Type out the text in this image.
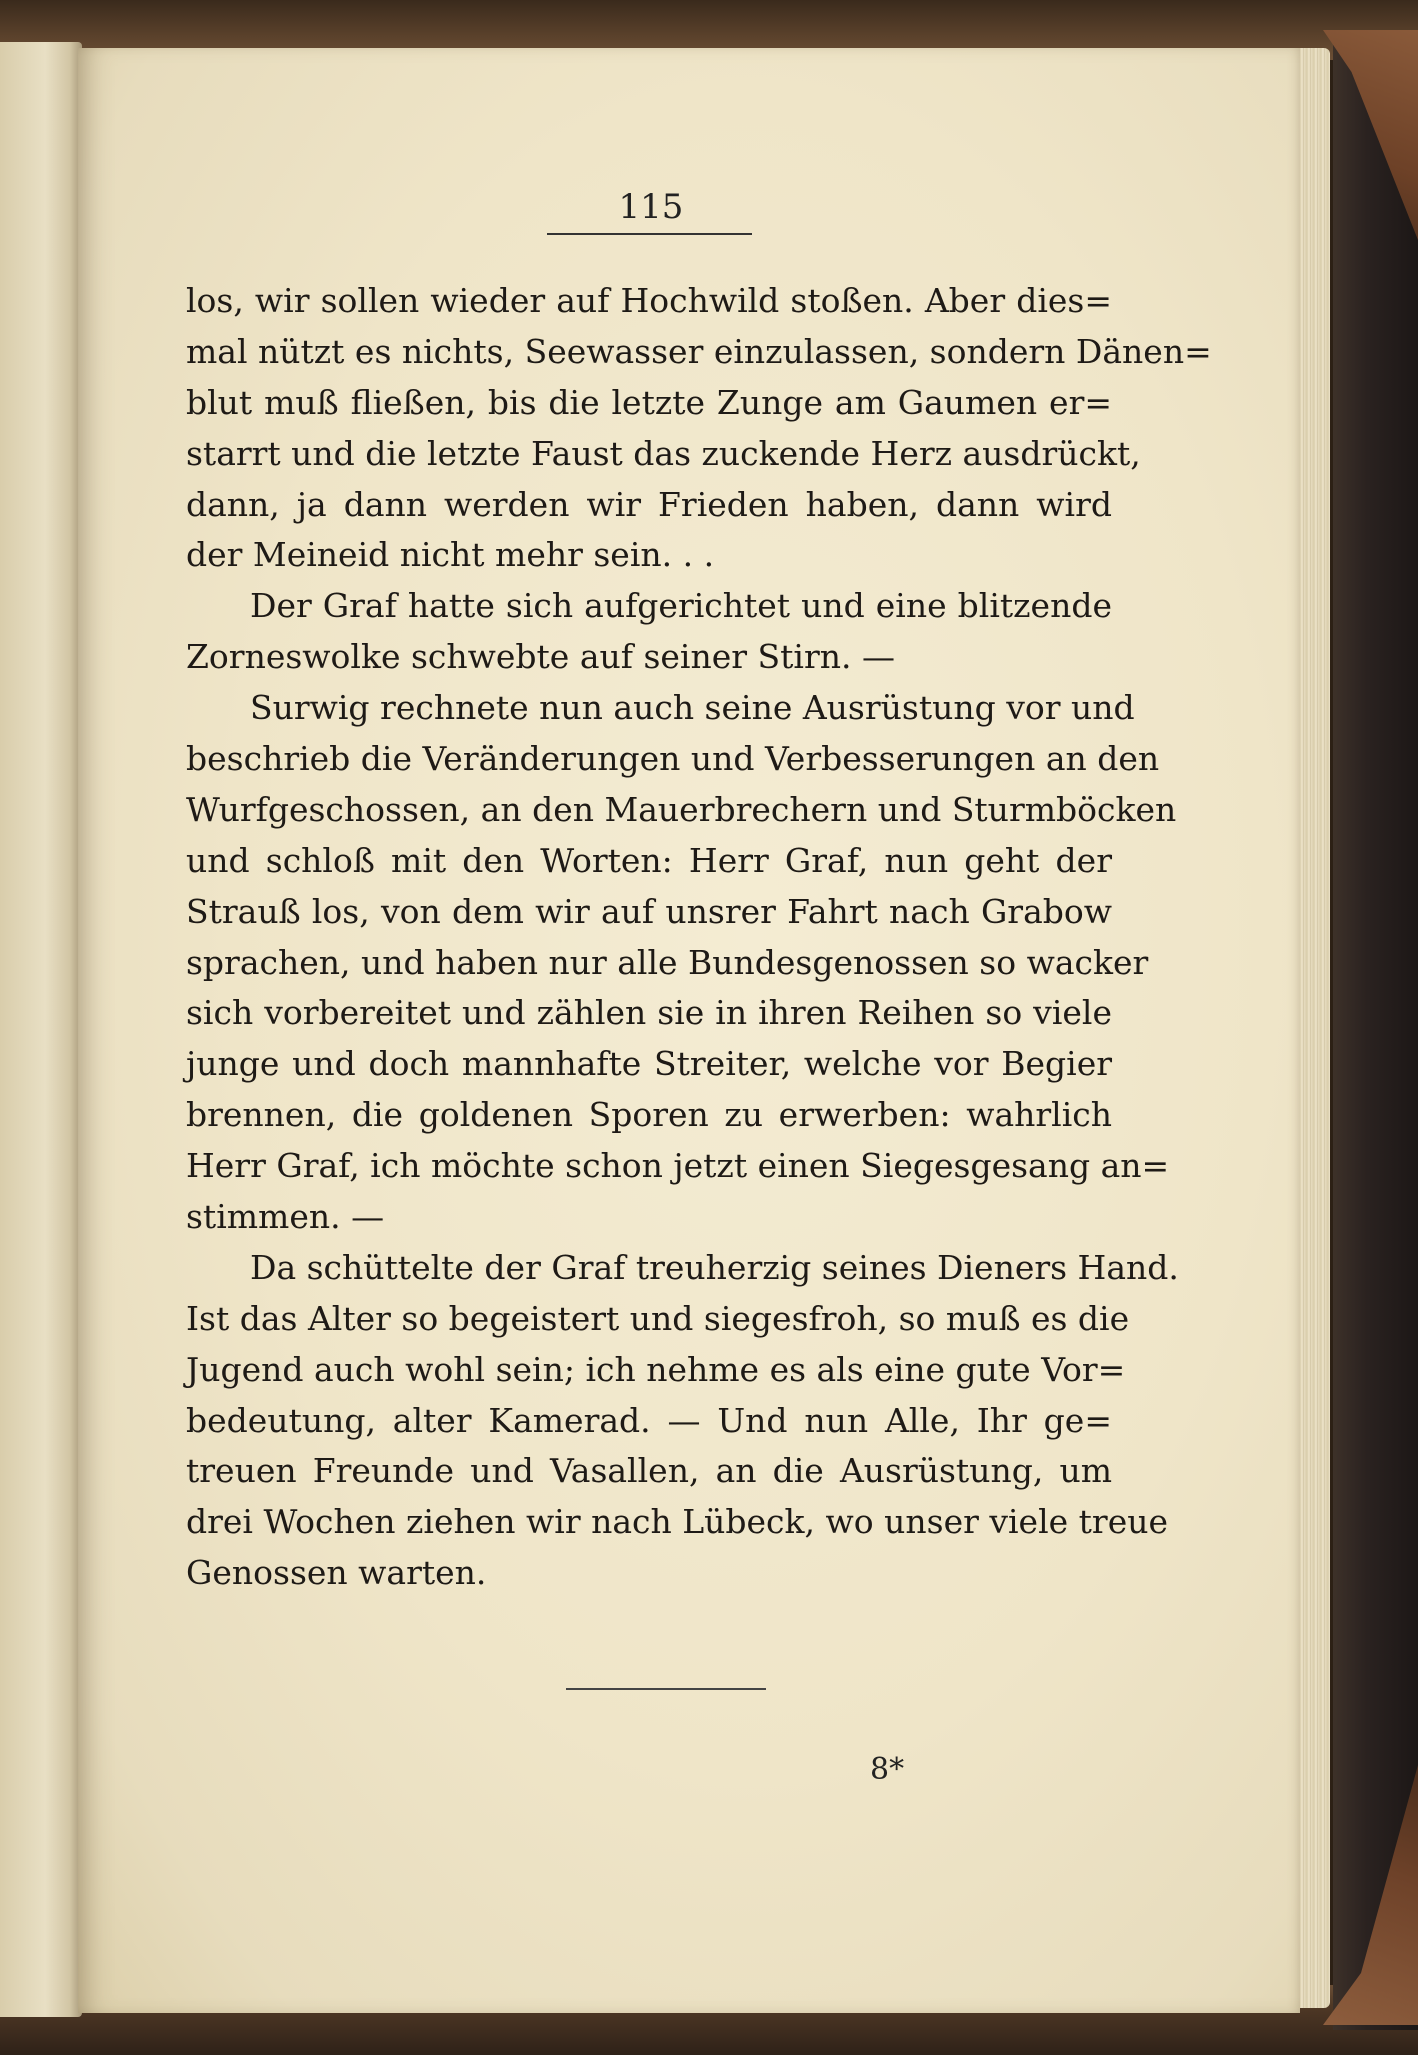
115
los, wir sollen wieder auf Hochwild stoßen. Aber dies=
mal nützt es nichts, Seewasser einzulassen, sondern Dänen=
blut muß fließen, bis die letzte Zunge am Gaumen er=
starrt und die letzte Faust das zuckende Herz ausdrückt,
dann, ja dann werden wir Frieden haben, dann wird
der Meineid nicht mehr sein. . .
Der Graf hatte sich aufgerichtet und eine blitzende
Zorneswolke schwebte auf seiner Stirn. —
Surwig rechnete nun auch seine Ausrüstung vor und
beschrieb die Veränderungen und Verbesserungen an den
Wurfgeschossen, an den Mauerbrechern und Sturmböcken
und schloß mit den Worten: Herr Graf, nun geht der
Strauß los, von dem wir auf unsrer Fahrt nach Grabow
sprachen, und haben nur alle Bundesgenossen so wacker
sich vorbereitet und zählen sie in ihren Reihen so viele
junge und doch mannhafte Streiter, welche vor Begier
brennen, die goldenen Sporen zu erwerben: wahrlich
Herr Graf, ich möchte schon jetzt einen Siegesgesang an=
stimmen. —
Da schüttelte der Graf treuherzig seines Dieners Hand.
Ist das Alter so begeistert und siegesfroh, so muß es die
Jugend auch wohl sein; ich nehme es als eine gute Vor=
bedeutung, alter Kamerad. — Und nun Alle, Ihr ge=
treuen Freunde und Vasallen, an die Ausrüstung, um
drei Wochen ziehen wir nach Lübeck, wo unser viele treue
Genossen warten.
8*
